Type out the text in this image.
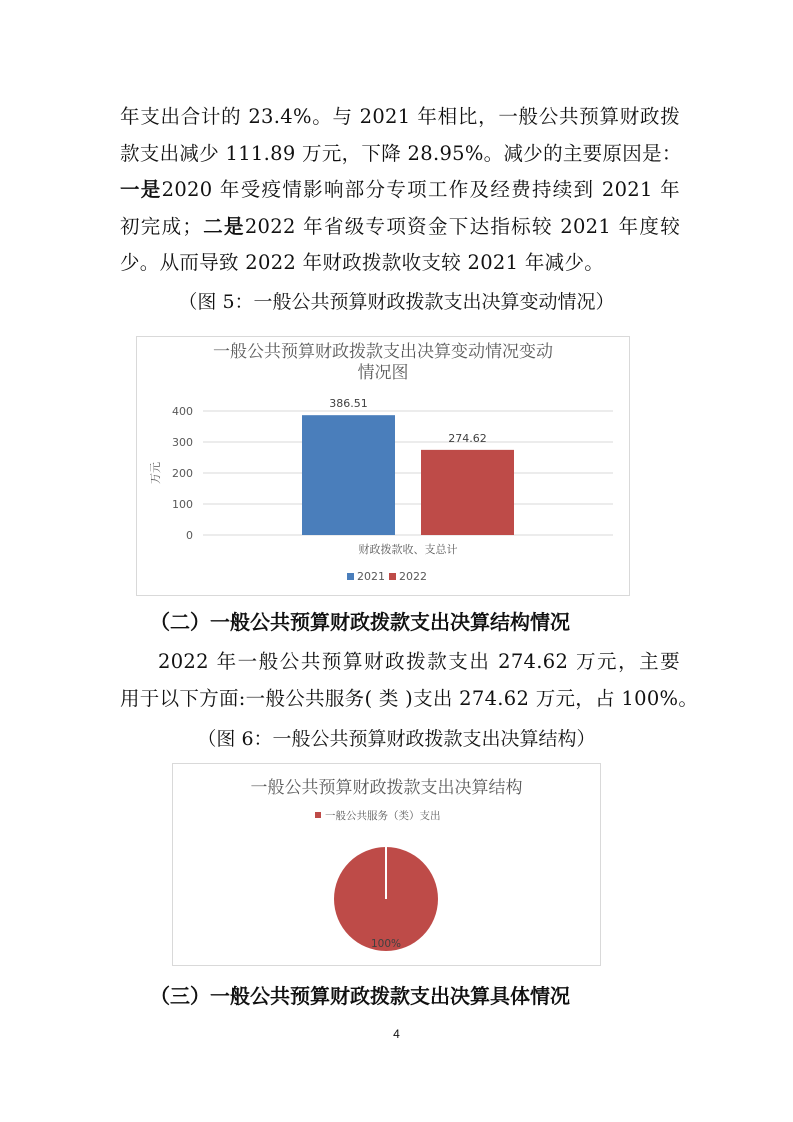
年支出合计的 23.4%。与 2021 年相比，一般公共预算财政拨
款支出减少 111.89 万元，下降 28.95%。减少的主要原因是：
一是2020 年受疫情影响部分专项工作及经费持续到 2021 年
初完成；二是2022 年省级专项资金下达指标较 2021 年度较
少。从而导致 2022 年财政拨款收支较 2021 年减少。
（图 5：一般公共预算财政拨款支出决算变动情况）
一般公共预算财政拨款支出决算变动情况变动
情况图
0
100
200
300
400
万元
386.51
274.62
财政拨款收、支总计
2021 2022
（二）一般公共预算财政拨款支出决算结构情况
2022 年一般公共预算财政拨款支出 274.62 万元，主要
用于以下方面:一般公共服务( 类 )支出 274.62 万元，占 100%。
（图 6：一般公共预算财政拨款支出决算结构）
一般公共预算财政拨款支出决算结构
一般公共服务（类）支出
100%
（三）一般公共预算财政拨款支出决算具体情况
4
